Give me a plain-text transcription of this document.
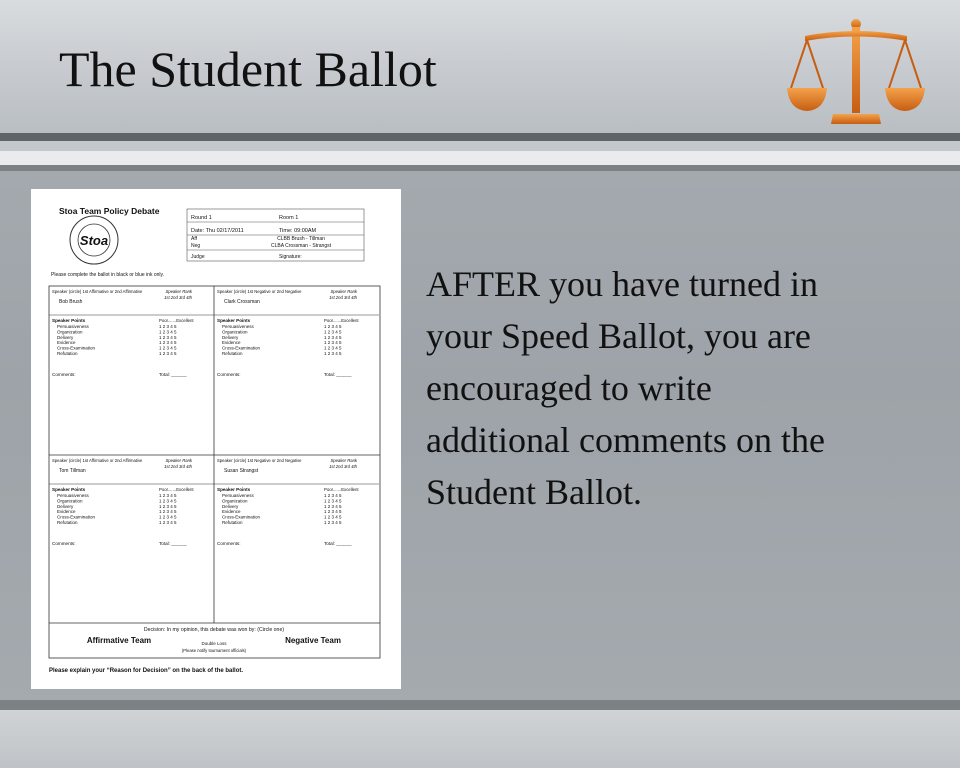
The Student Ballot
Stoa Team Policy Debate
Stoa
Round 1	Room 1
Date: Thu 02/17/2011	Time: 09:00AM
Aff	CLBB Brush - Tillman
Neg	CLBA Crossman - Strangst
Judge	Signature:
Please complete the ballot in black or blue ink only.
Speaker (circle) 1st Affirmative or 2nd Affirmative	Speaker Rank
1st 2nd 3rd 4th
Bob Brush
Speaker Points	Poor.......Excellent
Persuasiveness	1 2 3 4 5
Organization	1 2 3 4 5
Delivery	1 2 3 4 5
Evidence	1 2 3 4 5
Cross-Examination	1 2 3 4 5
Refutation	1 2 3 4 5
Comments:	Total: ______
Speaker (circle) 1st Negative or 2nd Negative	Speaker Rank
1st 2nd 3rd 4th
Clark Crossman
Speaker Points	Poor.......Excellent
Persuasiveness	1 2 3 4 5
Organization	1 2 3 4 5
Delivery	1 2 3 4 5
Evidence	1 2 3 4 5
Cross-Examination	1 2 3 4 5
Refutation	1 2 3 4 5
Comments:	Total: ______
Speaker (circle) 1st Affirmative or 2nd Affirmative	Speaker Rank
1st 2nd 3rd 4th
Tom Tillman
Speaker Points	Poor.......Excellent
Persuasiveness	1 2 3 4 5
Organization	1 2 3 4 5
Delivery	1 2 3 4 5
Evidence	1 2 3 4 5
Cross-Examination	1 2 3 4 5
Refutation	1 2 3 4 5
Comments:	Total: ______
Speaker (circle) 1st Negative or 2nd Negative	Speaker Rank
1st 2nd 3rd 4th
Susan Strangst
Speaker Points	Poor.......Excellent
Persuasiveness	1 2 3 4 5
Organization	1 2 3 4 5
Delivery	1 2 3 4 5
Evidence	1 2 3 4 5
Cross-Examination	1 2 3 4 5
Refutation	1 2 3 4 5
Comments:	Total: ______
Decision: In my opinion, this debate was won by: (Circle one)
Affirmative Team	Negative Team
Double Loss
(Please notify tournament officials)
Please explain your “Reason for Decision” on the back of the ballot.
AFTER you have turned in
your Speed Ballot, you are
encouraged to write
additional comments on the
Student Ballot.
